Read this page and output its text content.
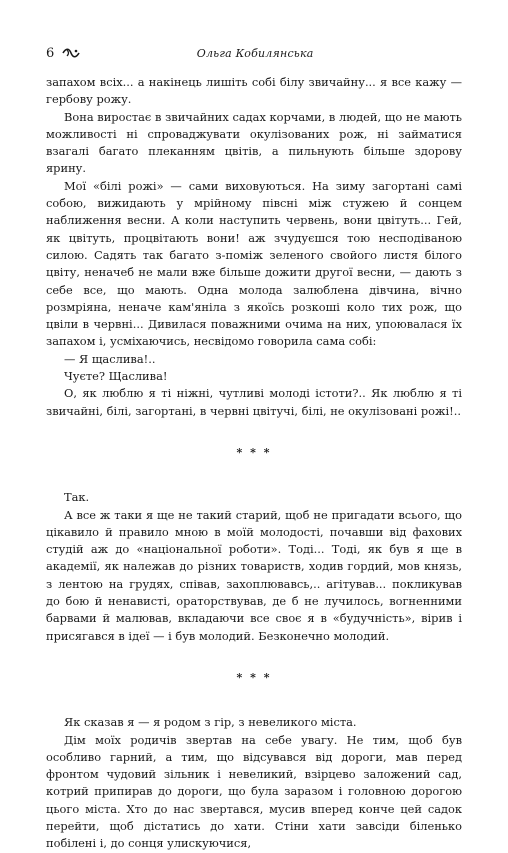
6	Ольга Кобилянська

запахом всіх... а накінець лишіть собі білу звичайну... я все кажу — гербову рожу.

Вона виростає в звичайних садах корчами, в людей, що не мають можливості ні спроваджувати окулізованих рож, ні займатися взагалі багато плеканням цвітів, а пильнують більше здорову ярину.

Мої «білі рожі» — сами виховуються. На зиму загортані самі собою, вижидають у мрійному півсні між стужею й сонцем наближення весни. А коли наступить червень, вони цвітуть... Гей, як цвітуть, процвітають вони! аж зчудуєшся тою несподіваною силою. Садять так багато з-поміж зеленого свойого листя білого цвіту, неначеб не мали вже більше дожити другої весни, — дають з себе все, що мають. Одна молода залюблена дівчина, вічно розмріяна, неначе кам'яніла з якоїсь розкоші коло тих рож, що цвіли в червні... Дивилася поважними очима на них, упоювалася їх запахом і, усміхаючись, несвідомо говорила сама собі:

— Я щаслива!..

Чуєте? Щаслива!

О, як люблю я ті ніжні, чутливі молоді істоти?.. Як люблю я ті звичайні, білі, загортані, в червні цвітучі, білі, не окулізовані рожі!..

* * *

Так.

А все ж таки я ще не такий старий, щоб не пригадати всього, що цікавило й правило мною в моїй молодості, почавши від фахових студій аж до «національної роботи». Тоді... Тоді, як був я ще в академії, як належав до різних товариств, ходив гордий, мов князь, з лентою на грудях, співав, захоплювавсь,.. агітував... покликував до бою й ненависті, ораторствував, де б не лучилось, вогненними барвами й малював, вкладаючи все своє я в «будучність», вірив і присягався в ідеї — і був молодий. Безконечно молодий.

* * *

Як сказав я — я родом з гір, з невеликого міста.

Дім моїх родичів звертав на себе увагу. Не тим, щоб був особливо гарний, а тим, що відсувався від дороги, мав перед фронтом чудовий зільник і невеликий, взірцево заложений сад, котрий припирав до дороги, що була заразом і головною дорогою цього міста. Хто до нас звертався, мусив вперед конче цей садок перейти, щоб дістатись до хати. Стіни хати завсіди біленько побілені і, до сонця улискуючися,
